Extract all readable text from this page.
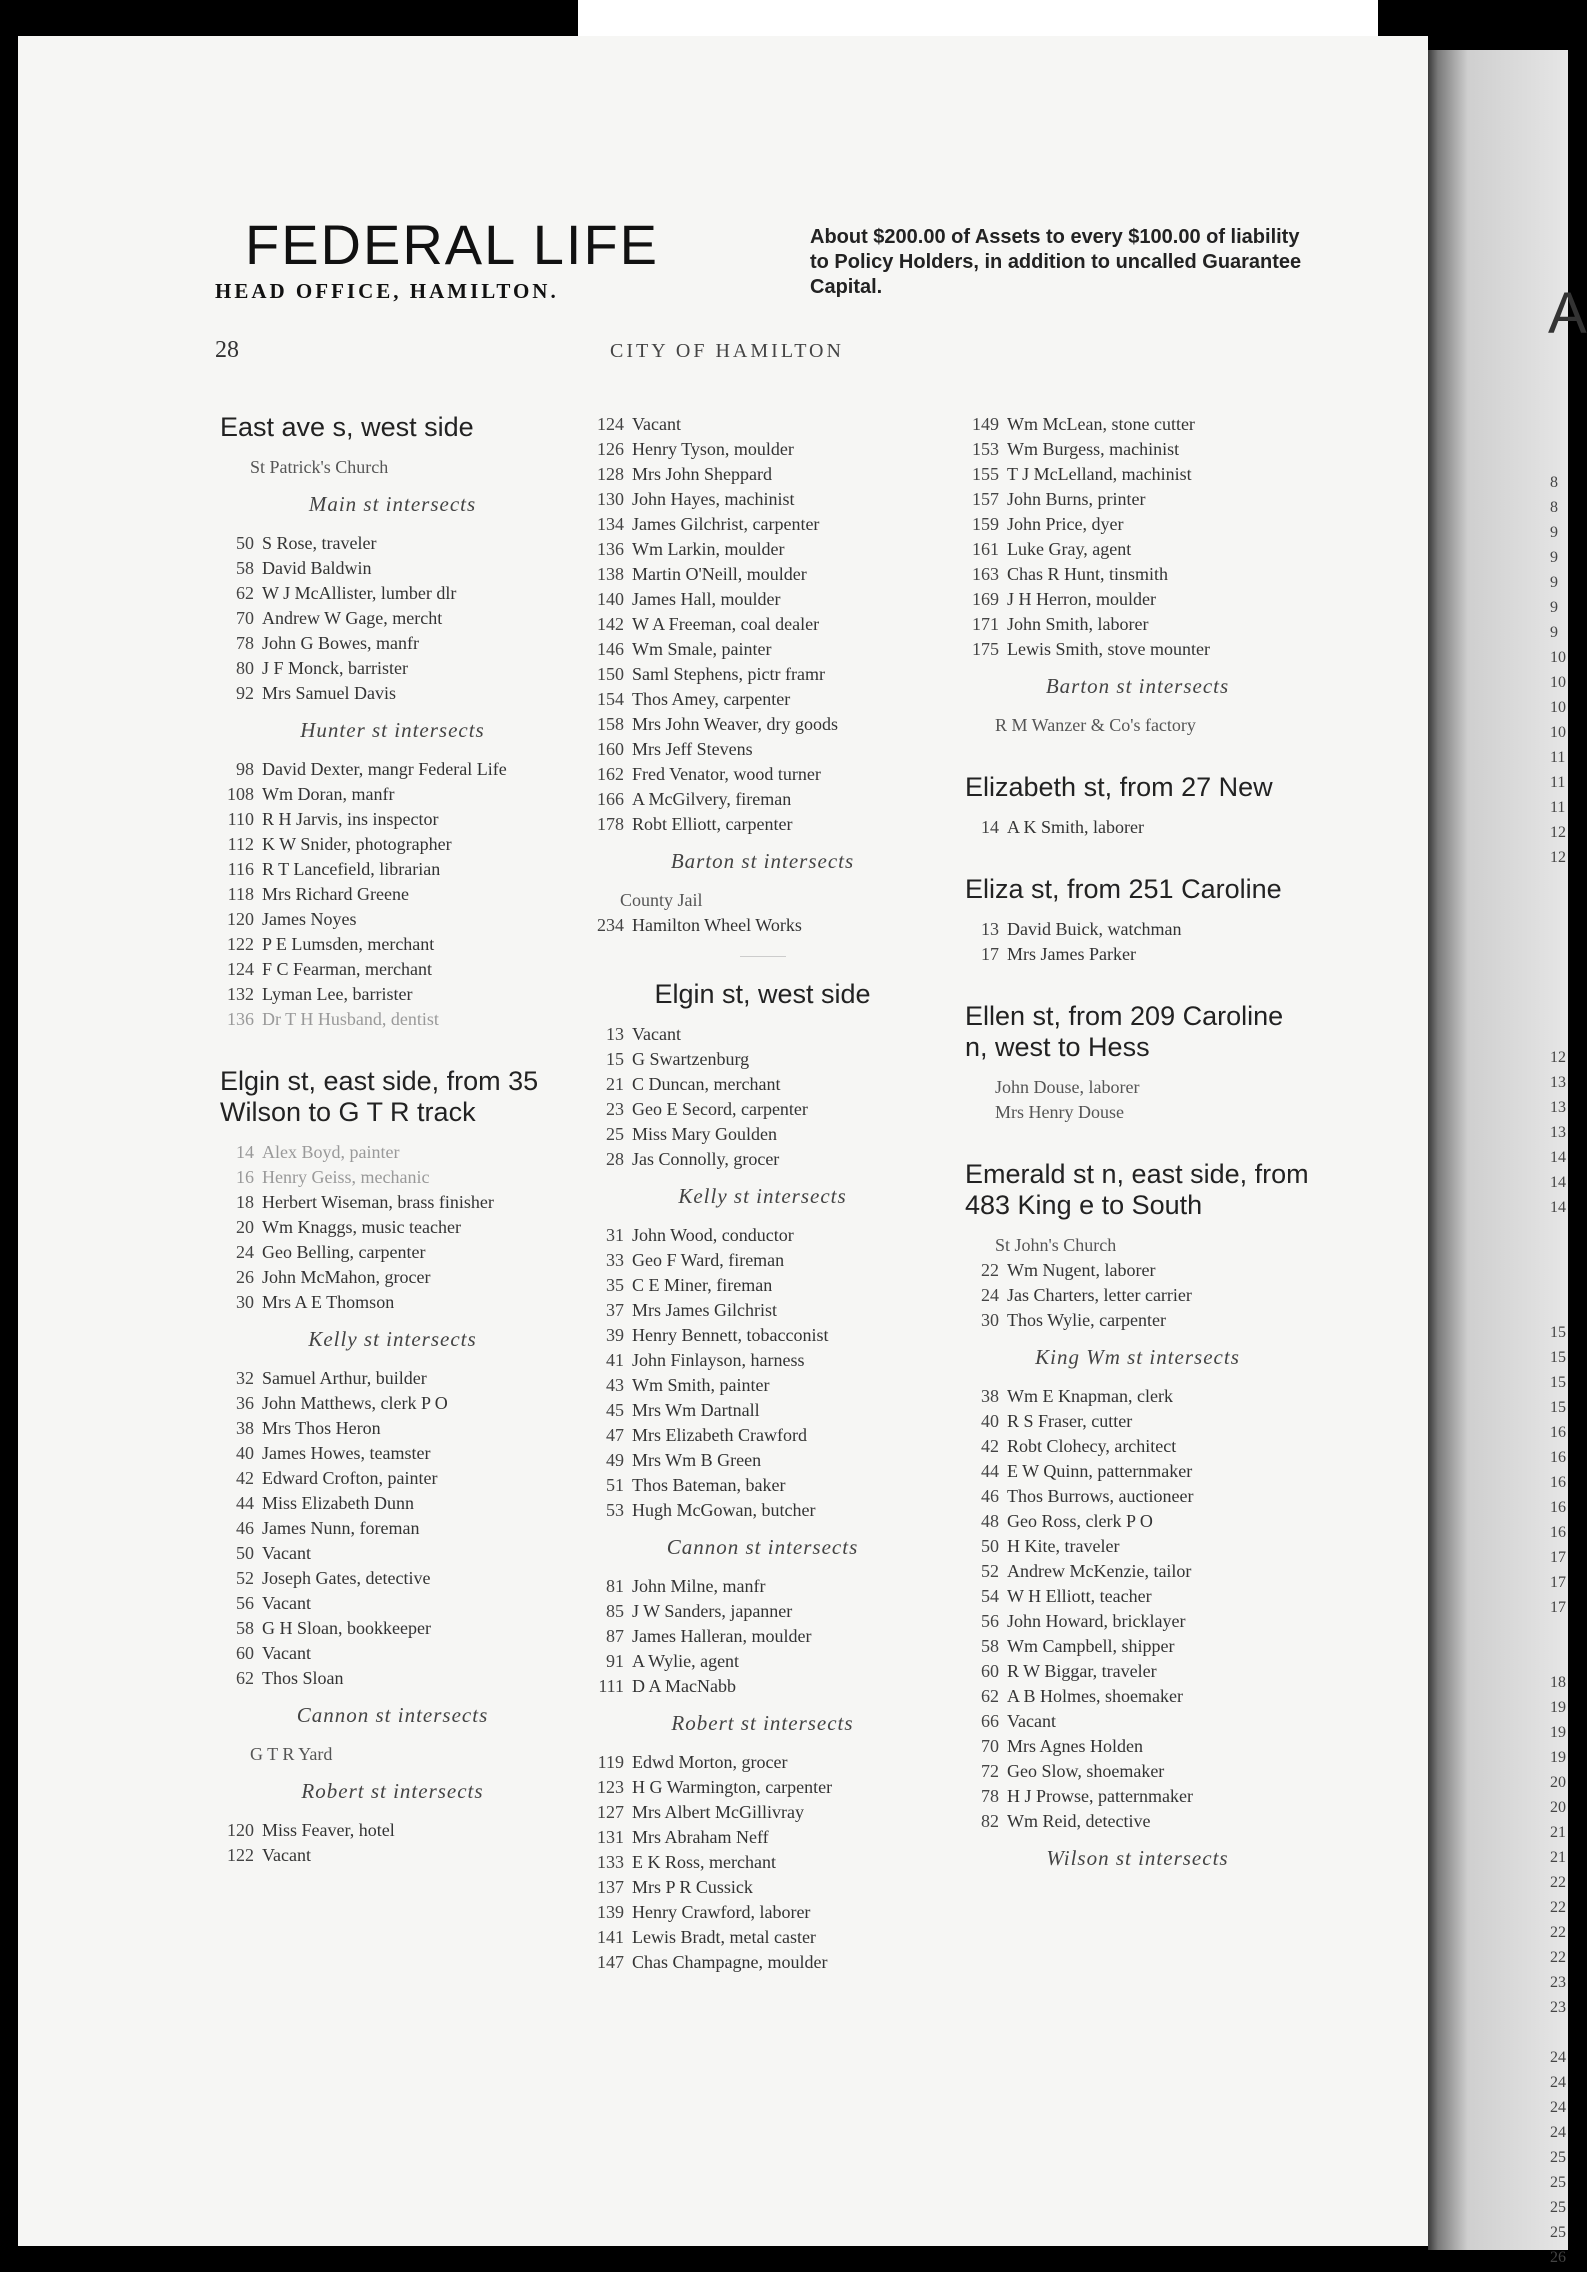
A
8
8
9
9
9
9
9
10
10
10
10
11
11
11
12
12

12
13
13
13
14
14
14

15
15
15
15
16
16
16
16
16
17
17
17

18
19
19
19
20
20
21
21
22
22
22
22
23
23

24
24
24
24
25
25
25
25
26
FEDERAL LIFE
HEAD OFFICE, HAMILTON.
About $200.00 of Assets to every $100.00 of liability to Policy Holders, in addition to uncalled Guarantee Capital.
28	CITY OF HAMILTON
East ave s, west side
St Patrick's Church
Main st intersects
50 S Rose, traveler
58 David Baldwin
62 W J McAllister, lumber dlr
70 Andrew W Gage, mercht
78 John G Bowes, manfr
80 J F Monck, barrister
92 Mrs Samuel Davis
Hunter st intersects
98 David Dexter, mangr Federal Life
108 Wm Doran, manfr
110 R H Jarvis, ins inspector
112 K W Snider, photographer
116 R T Lancefield, librarian
118 Mrs Richard Greene
120 James Noyes
122 P E Lumsden, merchant
124 F C Fearman, merchant
132 Lyman Lee, barrister
136 Dr T H Husband, dentist
Elgin st, east side, from 35 Wilson to G T R track
14 Alex Boyd, painter
16 Henry Geiss, mechanic
18 Herbert Wiseman, brass finisher
20 Wm Knaggs, music teacher
24 Geo Belling, carpenter
26 John McMahon, grocer
30 Mrs A E Thomson
Kelly st intersects
32 Samuel Arthur, builder
36 John Matthews, clerk P O
38 Mrs Thos Heron
40 James Howes, teamster
42 Edward Crofton, painter
44 Miss Elizabeth Dunn
46 James Nunn, foreman
50 Vacant
52 Joseph Gates, detective
56 Vacant
58 G H Sloan, bookkeeper
60 Vacant
62 Thos Sloan
Cannon st intersects
G T R Yard
Robert st intersects
120 Miss Feaver, hotel
122 Vacant
124 Vacant
126 Henry Tyson, moulder
128 Mrs John Sheppard
130 John Hayes, machinist
134 James Gilchrist, carpenter
136 Wm Larkin, moulder
138 Martin O'Neill, moulder
140 James Hall, moulder
142 W A Freeman, coal dealer
146 Wm Smale, painter
150 Saml Stephens, pictr framr
154 Thos Amey, carpenter
158 Mrs John Weaver, dry goods
160 Mrs Jeff Stevens
162 Fred Venator, wood turner
166 A McGilvery, fireman
178 Robt Elliott, carpenter
Barton st intersects
County Jail
234 Hamilton Wheel Works
Elgin st, west side
13 Vacant
15 G Swartzenburg
21 C Duncan, merchant
23 Geo E Secord, carpenter
25 Miss Mary Goulden
28 Jas Connolly, grocer
Kelly st intersects
31 John Wood, conductor
33 Geo F Ward, fireman
35 C E Miner, fireman
37 Mrs James Gilchrist
39 Henry Bennett, tobacconist
41 John Finlayson, harness
43 Wm Smith, painter
45 Mrs Wm Dartnall
47 Mrs Elizabeth Crawford
49 Mrs Wm B Green
51 Thos Bateman, baker
53 Hugh McGowan, butcher
Cannon st intersects
81 John Milne, manfr
85 J W Sanders, japanner
87 James Halleran, moulder
91 A Wylie, agent
111 D A MacNabb
Robert st intersects
119 Edwd Morton, grocer
123 H G Warmington, carpenter
127 Mrs Albert McGillivray
131 Mrs Abraham Neff
133 E K Ross, merchant
137 Mrs P R Cussick
139 Henry Crawford, laborer
141 Lewis Bradt, metal caster
147 Chas Champagne, moulder
149 Wm McLean, stone cutter
153 Wm Burgess, machinist
155 T J McLelland, machinist
157 John Burns, printer
159 John Price, dyer
161 Luke Gray, agent
163 Chas R Hunt, tinsmith
169 J H Herron, moulder
171 John Smith, laborer
175 Lewis Smith, stove mounter
Barton st intersects
R M Wanzer & Co's factory
Elizabeth st, from 27 New
14 A K Smith, laborer
Eliza st, from 251 Caroline
13 David Buick, watchman
17 Mrs James Parker
Ellen st, from 209 Caroline n, west to Hess
John Douse, laborer
Mrs Henry Douse
Emerald st n, east side, from 483 King e to South
St John's Church
22 Wm Nugent, laborer
24 Jas Charters, letter carrier
30 Thos Wylie, carpenter
King Wm st intersects
38 Wm E Knapman, clerk
40 R S Fraser, cutter
42 Robt Clohecy, architect
44 E W Quinn, patternmaker
46 Thos Burrows, auctioneer
48 Geo Ross, clerk P O
50 H Kite, traveler
52 Andrew McKenzie, tailor
54 W H Elliott, teacher
56 John Howard, bricklayer
58 Wm Campbell, shipper
60 R W Biggar, traveler
62 A B Holmes, shoemaker
66 Vacant
70 Mrs Agnes Holden
72 Geo Slow, shoemaker
78 H J Prowse, patternmaker
82 Wm Reid, detective
Wilson st intersects
